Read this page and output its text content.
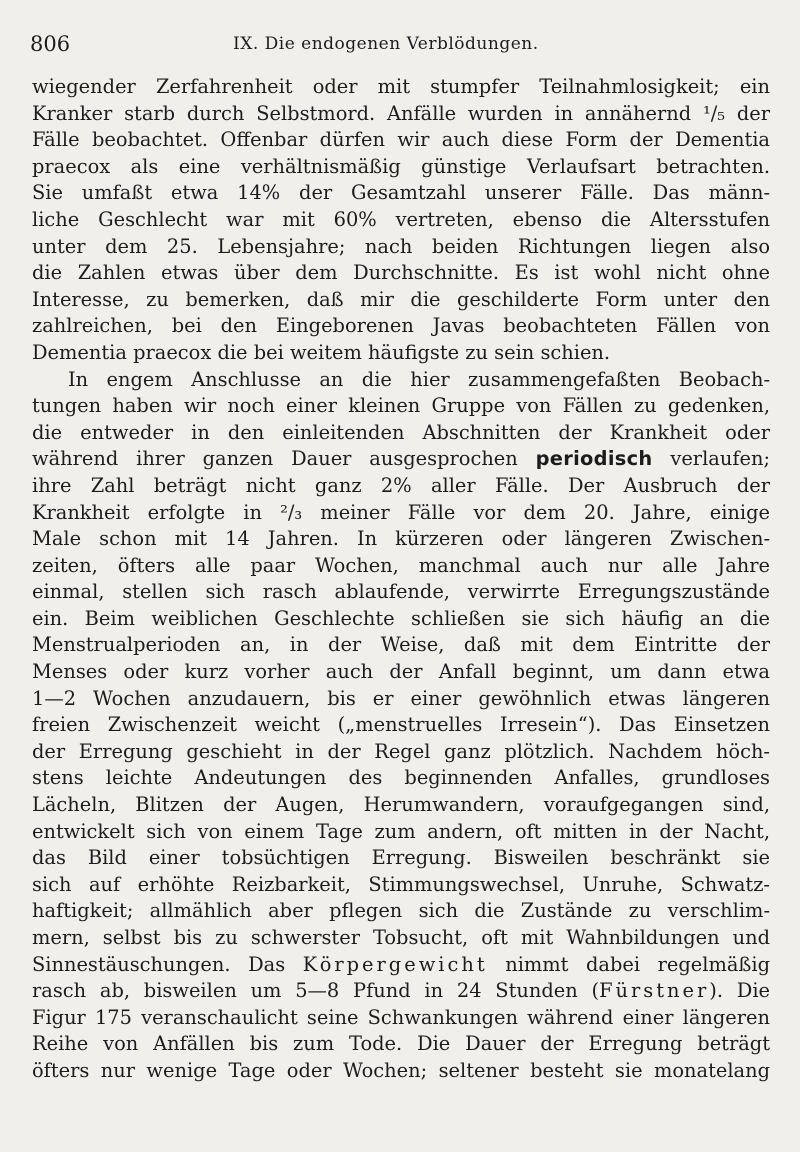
806	IX. Die endogenen Verblödungen.
wiegender Zerfahrenheit oder mit stumpfer Teilnahmlosigkeit; ein
Kranker starb durch Selbstmord. Anfälle wurden in annähernd ¹/₅ der
Fälle beobachtet. Offenbar dürfen wir auch diese Form der Dementia
praecox als eine verhältnismäßig günstige Verlaufsart betrachten.
Sie umfaßt etwa 14% der Gesamtzahl unserer Fälle. Das männ-
liche Geschlecht war mit 60% vertreten, ebenso die Altersstufen
unter dem 25. Lebensjahre; nach beiden Richtungen liegen also
die Zahlen etwas über dem Durchschnitte. Es ist wohl nicht ohne
Interesse, zu bemerken, daß mir die geschilderte Form unter den
zahlreichen, bei den Eingeborenen Javas beobachteten Fällen von
Dementia praecox die bei weitem häufigste zu sein schien.
In engem Anschlusse an die hier zusammengefaßten Beobach-
tungen haben wir noch einer kleinen Gruppe von Fällen zu gedenken,
die entweder in den einleitenden Abschnitten der Krankheit oder
während ihrer ganzen Dauer ausgesprochen periodisch verlaufen;
ihre Zahl beträgt nicht ganz 2% aller Fälle. Der Ausbruch der
Krankheit erfolgte in ²/₃ meiner Fälle vor dem 20. Jahre, einige
Male schon mit 14 Jahren. In kürzeren oder längeren Zwischen-
zeiten, öfters alle paar Wochen, manchmal auch nur alle Jahre
einmal, stellen sich rasch ablaufende, verwirrte Erregungszustände
ein. Beim weiblichen Geschlechte schließen sie sich häufig an die
Menstrualperioden an, in der Weise, daß mit dem Eintritte der
Menses oder kurz vorher auch der Anfall beginnt, um dann etwa
1—2 Wochen anzudauern, bis er einer gewöhnlich etwas längeren
freien Zwischenzeit weicht („menstruelles Irresein“). Das Einsetzen
der Erregung geschieht in der Regel ganz plötzlich. Nachdem höch-
stens leichte Andeutungen des beginnenden Anfalles, grundloses
Lächeln, Blitzen der Augen, Herumwandern, voraufgegangen sind,
entwickelt sich von einem Tage zum andern, oft mitten in der Nacht,
das Bild einer tobsüchtigen Erregung. Bisweilen beschränkt sie
sich auf erhöhte Reizbarkeit, Stimmungswechsel, Unruhe, Schwatz-
haftigkeit; allmählich aber pflegen sich die Zustände zu verschlim-
mern, selbst bis zu schwerster Tobsucht, oft mit Wahnbildungen und
Sinnestäuschungen. Das Körpergewicht nimmt dabei regelmäßig
rasch ab, bisweilen um 5—8 Pfund in 24 Stunden (Fürstner). Die
Figur 175 veranschaulicht seine Schwankungen während einer längeren
Reihe von Anfällen bis zum Tode. Die Dauer der Erregung beträgt
öfters nur wenige Tage oder Wochen; seltener besteht sie monatelang
